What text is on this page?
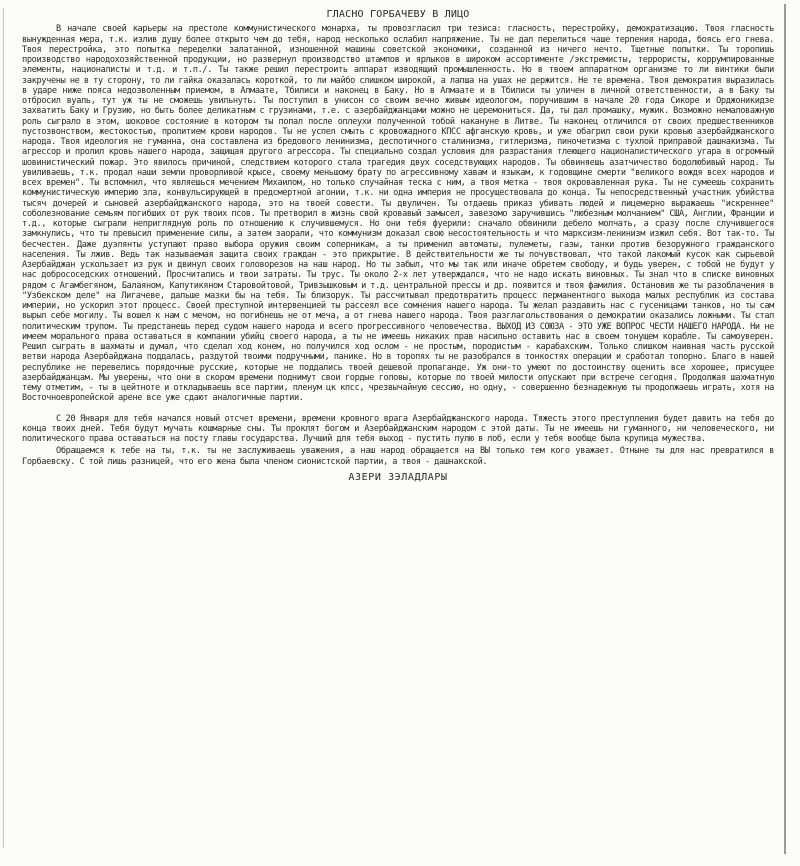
ГЛАСНО ГОРБАЧЕВУ В ЛИЦО

В начале своей карьеры на престоле коммунистического монарха, ты провозгласил три тезиса: гласность, перестройку, демократизацию. Твоя гласность вынужденная мера, т.к. излив душу более открыто чем до тебя, народ несколько ослабил напряжение. Ты не дал перелиться чаше терпения народа, боясь его гнева. Твоя перестройка, это попытка переделки залатанной, изношенной машины советской экономики, созданной из ничего нечто. Тщетные попытки. Ты торопишь производство народохозяйственной продукции, но развернул производство штампов и ярлыков в широком ассортименте /экстремисты, террористы, коррумпированные элементы, националисты и т.д. и т.п./. Ты также решил перестроить аппарат изводящий промышленность. Но в твоем аппаратном организме то ли винтики были закручены не в ту сторону, то ли гайка оказалась короткой, то ли майбо слишком широкой, а лапша на ушах не держится. Не те времена. Твоя демократия выразилась в ударе ниже пояса недозволенным приемом, в Алмаате, Тбилиси и наконец в Баку. Но в Алмаате и в Тбилиси ты уличен в личной ответственности, а в Баку ты отбросил вуаль, тут уж ты не сможешь увильнуть. Ты поступил в унисон со своим вечно живым идеологом, поручившим в начале 20 года Сикоре и Орджоникидзе захватить Баку и Грузию, но быть более деликатным с грузинами, т.е. с азербайджанцами можно не церемониться. Да, ты дал промашку, мужик. Возможно немаловажную роль сыграло в этом, шоковое состояние в котором ты попал после оплеухи полученной тобой накануне в Литве. Ты наконец отличился от своих предшественников пустозвонством, жестокостью, пролитием крови народов. Ты не успел смыть с кровожадного КПСС афганскую кровь, и уже обагрил свои руки кровью азербайджанского народа. Твоя идеология не гуманна, она составлена из бредового ленинизма, деспотичного сталинизма, гитлеризма, пиночетизма с тухлой приправой дашнакизма. Ты агрессор и пролил кровь нашего народа, защищая другого агрессора. Ты специально создал условия для разрастания тлеющего националистического угара в огромный шовинистический пожар. Это явилось причиной, следствием которого стала трагедия двух соседствующих народов. Ты обвиняешь азатчичество бодолюбивый народ. Ты увиливаешь, т.к. продал наши земли проворливой крысе, своему меньшому брату по агрессивному хавам и языкам, к годовщине смерти "великого вождя всех народов и всех времен". Ты вспомнил, что являешься мечением Михаилом, но только случайная теска с ним, а твоя метка - твоя окровавленная рука. Ты не сумеешь сохранить коммунистическую империю зла, конвульсирующей в предсмертной агонии, т.к. ни одна империя не просуществовала до конца. Ты непосредственный участник убийства тысяч дочерей и сыновей азербайджанского народа, это на твоей совести. Ты двуличен. Ты отдаешь приказ убивать людей и лицемерно выражаешь "искреннее" соболезнование семьям погибших от рук твоих псов. Ты претворил в жизнь свой кровавый замысел, завезомо заручившись "любезным молчанием" США, Англии, Франции и т.д., которые сыграли неприглядную роль по отношению к случившемуся. Но они тебя фуерили: сначало обвинили дебело молчать, а сразу после случившегося замкнулись, что ты превысил применение силы, а затем заорали, что коммунизм доказал свою несостоятельность и что марксизм-ленинизм изжил себя. Вот так-то. Ты бесчестен. Даже дуэлянты уступают право выбора оружия своим соперникам, а ты применил автоматы, пулеметы, газы, танки против безоружного гражданского населения. Ты лжив. Ведь так называемая защита своих граждан - это прикрытие. В действительности же ты почувствовал, что такой лакомый кусок как сырьевой Азербайджан ускользает из рук и двинул своих головорезов на наш народ. Но ты забыл, что мы так или иначе обретем свободу, и будь уверен, с тобой не будут у нас добрососедских отношений. Просчитались и твои затраты. Ты трус. Ты около 2-х лет утверждался, что не надо искать виновных. Ты знал что в списке виновных рядом с Агамбегяном, Балаяном, Капутикяном Старовойтовой, Тривзышковым и т.д. центральной прессы и др. появится и твоя фамилия. Остановив же ты разоблачения в "Узбекском деле" на Лигачеве, дальше мазки бы на тебя. Ты близорук. Ты рассчитывал предотвратить процесс перманентного выхода малых республик из состава империи, но ускорил этот процесс. Своей преступной интервенцией ты рассеял все сомнения нашего народа. Ты желал раздавить нас с гусеницами танков, но ты сам вырыл себе могилу. Ты вошел к нам с мечом, но погибнешь не от меча, а от гнева нашего народа. Твоя разглагольствования о демократии оказались ложными. Ты стал политическим трупом. Ты предстанешь перед судом нашего народа и всего прогрессивного человечества. ВЫХОД ИЗ СОЮЗА - ЭТО УЖЕ ВОПРОС ЧЕСТИ НАШЕГО НАРОДА. Ни не имеем морального права оставаться в компании убийц своего народа, а ты не имеешь никаких прав насильно оставить нас в своем тонущем корабле. Ты самоуверен. Решил сыграть в шахматы и думал, что сделал ход конем, но получился ход ослом - не простым, породистым - карабахским. Только слишком наивная часть русской ветви народа Азербайджана поддалась, раздутой твоими подручными, панике. Но в торопях ты не разобрался в тонкостях операции и сработал топорно. Благо в нашей республике не перевелись порядочные русские, которые не поддались твоей дешевой пропаганде. Уж они-то умеют по достоинству оценить все хорошее, присущее азербайджанцам. Мы уверены, что они в скором времени поднимут свои гордые головы, которые по твоей милости опускают при встрече сегодня. Продолжая шахматную тему отметим, - ты в цейтноте и откладываешь все партии, пленум цк кпсс, чрезвычайную сессию, но одну, - совершенно безнадежную ты продолжаешь играть, хотя на Восточноевропейской арене все уже сдают аналогичные партии.

С 20 Января для тебя начался новый отсчет времени, времени кровного врага Азербайджанского народа. Тяжесть этого преступления будет давить на тебя до конца твоих дней. Тебя будут мучать кошмарные сны. Ты проклят богом и Азербайджанским народом с этой даты. Ты не имеешь ни гуманного, ни человеческого, ни политического права оставаться на посту главы государства. Лучший для тебя выход - пустить пулю в лоб, если у тебя вообще была крупица мужества.

Обращаемся к тебе на ты, т.к. ты не заслуживаешь уважения, а наш народ обращается на ВЫ только тем кого уважает. Отныне ты для нас превратился в Горбаевску. С той лишь разницей, что его жена была членом сионистской партии, а твоя - дашнакской.

АЗЕРИ ЗЭЛАДЛАРЫ
